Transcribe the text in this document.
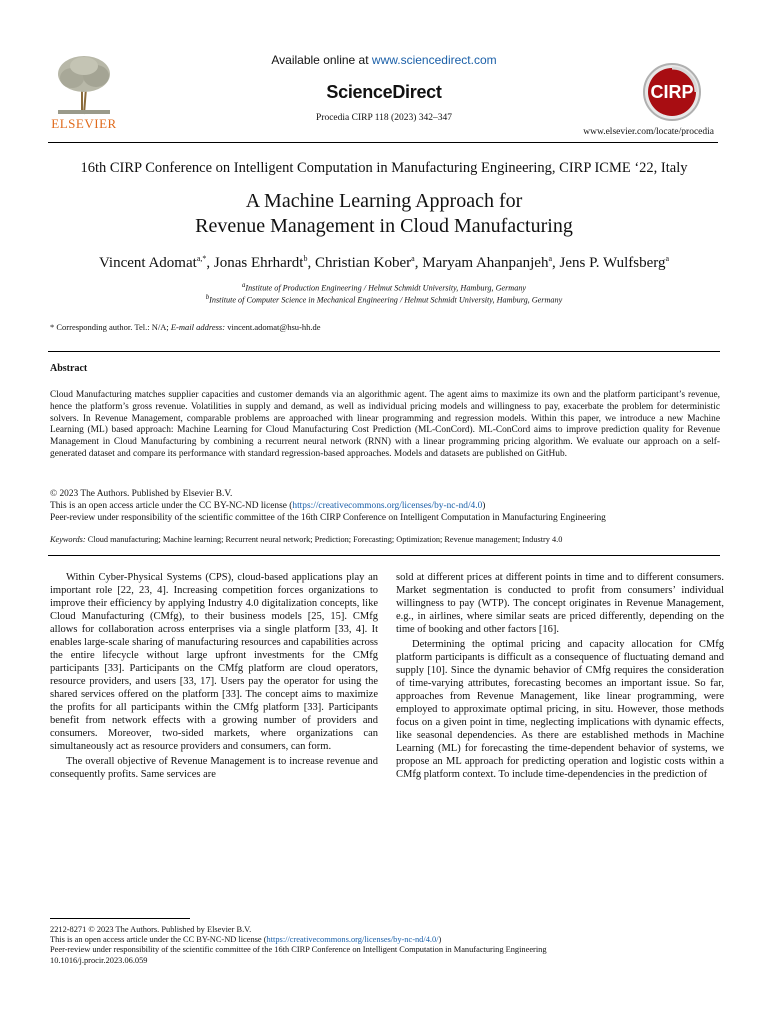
ELSEVIER
Available online at www.sciencedirect.com
ScienceDirect
Procedia CIRP 118 (2023) 342–347
CIRP
www.elsevier.com/locate/procedia
16th CIRP Conference on Intelligent Computation in Manufacturing Engineering, CIRP ICME ‘22, Italy
A Machine Learning Approach for
Revenue Management in Cloud Manufacturing
Vincent Adomat$^{a,*}$, Jonas Ehrhardt$^b$, Christian Kober$^a$, Maryam Ahanpanjeh$^a$, Jens P. Wulfsberg$^a$
$^a$Institute of Production Engineering / Helmut Schmidt University, Hamburg, Germany
$^b$Institute of Computer Science in Mechanical Engineering / Helmut Schmidt University, Hamburg, Germany
* Corresponding author. Tel.: N/A; E-mail address: vincent.adomat@hsu-hh.de
Abstract
Cloud Manufacturing matches supplier capacities and customer demands via an algorithmic agent. The agent aims to maximize its own and the platform participant’s revenue, hence the platform’s gross revenue. Volatilities in supply and demand, as well as individual pricing models and willingness to pay, exacerbate the problem for deterministic solvers. In Revenue Management, comparable problems are approached with linear programming and regression models. Within this paper, we introduce a new Machine Learning (ML) based approach: Machine Learning for Cloud Manufacturing Cost Prediction (ML-ConCord). ML-ConCord aims to improve prediction quality for Revenue Management in Cloud Manufacturing by combining a recurrent neural network (RNN) with a linear programming pricing algorithm. We evaluate our approach on a self-generated dataset and compare its performance with standard regression-based approaches. Models and datasets are published on GitHub.
© 2023 The Authors. Published by Elsevier B.V.
This is an open access article under the CC BY-NC-ND license (https://creativecommons.org/licenses/by-nc-nd/4.0)
Peer-review under responsibility of the scientific committee of the 16th CIRP Conference on Intelligent Computation in Manufacturing Engineering
Keywords: Cloud manufacturing; Machine learning; Recurrent neural network; Prediction; Forecasting; Optimization; Revenue management; Industry 4.0

Within Cyber-Physical Systems (CPS), cloud-based applications play an important role [22, 23, 4]. Increasing competition forces organizations to improve their efficiency by applying Industry 4.0 digitalization concepts, like Cloud Manufacturing (CMfg), to their business models [25, 15]. CMfg allows for collaboration across enterprises via a single platform [33, 4]. It enables large-scale sharing of manufacturing resources and capabilities across the entire lifecycle without large upfront investments for the CMfg participants [33]. Participants on the CMfg platform are cloud operators, resource providers, and users [33, 17]. Users pay the operator for using the shared services offered on the platform [33]. The concept aims to maximize the profits for all participants within the CMfg platform [33]. Participants benefit from network effects with a growing number of providers and consumers. Moreover, two-sided markets, where organizations can simultaneously act as resource providers and consumers, can form.

The overall objective of Revenue Management is to increase revenue and consequently profits. Same services are

sold at different prices at different points in time and to different consumers. Market segmentation is conducted to profit from consumers’ individual willingness to pay (WTP). The concept originates in Revenue Management, e.g., in airlines, where similar seats are priced differently, depending on the time of booking and other factors [16].

Determining the optimal pricing and capacity allocation for CMfg platform participants is difficult as a consequence of fluctuating demand and supply [10]. Since the dynamic behavior of CMfg requires the consideration of time-varying attributes, forecasting becomes an important issue. So far, approaches from Revenue Management, like linear programming, were employed to approximate optimal pricing, in situ. However, those methods focus on a given point in time, neglecting implications with dynamic effects, like seasonal dependencies. As there are established methods in Machine Learning (ML) for forecasting the time-dependent behavior of systems, we propose an ML approach for predicting operation and logistic costs within a CMfg platform context. To include time-dependencies in the prediction of

2212-8271 © 2023 The Authors. Published by Elsevier B.V.
This is an open access article under the CC BY-NC-ND license (https://creativecommons.org/licenses/by-nc-nd/4.0/)
Peer-review under responsibility of the scientific committee of the 16th CIRP Conference on Intelligent Computation in Manufacturing Engineering
10.1016/j.procir.2023.06.059
